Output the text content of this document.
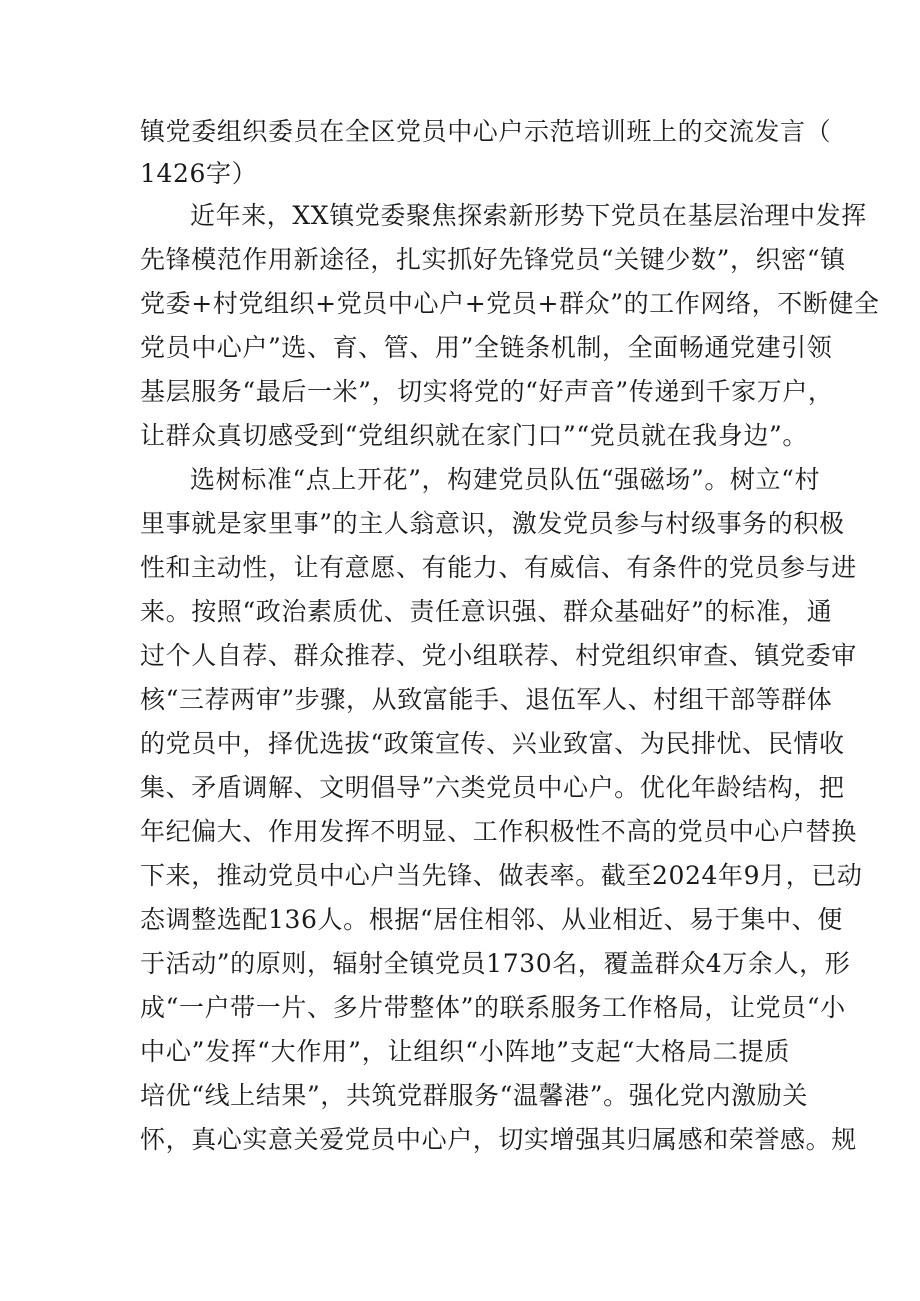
镇党委组织委员在全区党员中心户示范培训班上的交流发言（
1426字）
近年来，XX镇党委聚焦探索新形势下党员在基层治理中发挥
先锋模范作用新途径，扎实抓好先锋党员“关键少数”，织密“镇
党委+村党组织+党员中心户+党员+群众”的工作网络，不断健全
党员中心户”选、育、管、用”全链条机制，全面畅通党建引领
基层服务“最后一米”，切实将党的“好声音”传递到千家万户，
让群众真切感受到“党组织就在家门口”“党员就在我身边”。
选树标准“点上开花”，构建党员队伍“强磁场”。树立“村
里事就是家里事”的主人翁意识，激发党员参与村级事务的积极
性和主动性，让有意愿、有能力、有威信、有条件的党员参与进
来。按照“政治素质优、责任意识强、群众基础好”的标准，通
过个人自荐、群众推荐、党小组联荐、村党组织审查、镇党委审
核“三荐两审”步骤，从致富能手、退伍军人、村组干部等群体
的党员中，择优选拔“政策宣传、兴业致富、为民排忧、民情收
集、矛盾调解、文明倡导”六类党员中心户。优化年龄结构，把
年纪偏大、作用发挥不明显、工作积极性不高的党员中心户替换
下来，推动党员中心户当先锋、做表率。截至2024年9月，已动
态调整选配136人。根据“居住相邻、从业相近、易于集中、便
于活动”的原则，辐射全镇党员1730名，覆盖群众4万余人，形
成“一户带一片、多片带整体”的联系服务工作格局，让党员“小
中心”发挥“大作用”，让组织“小阵地”支起“大格局二提质
培优“线上结果”，共筑党群服务“温馨港”。强化党内激励关
怀，真心实意关爱党员中心户，切实增强其归属感和荣誉感。规
